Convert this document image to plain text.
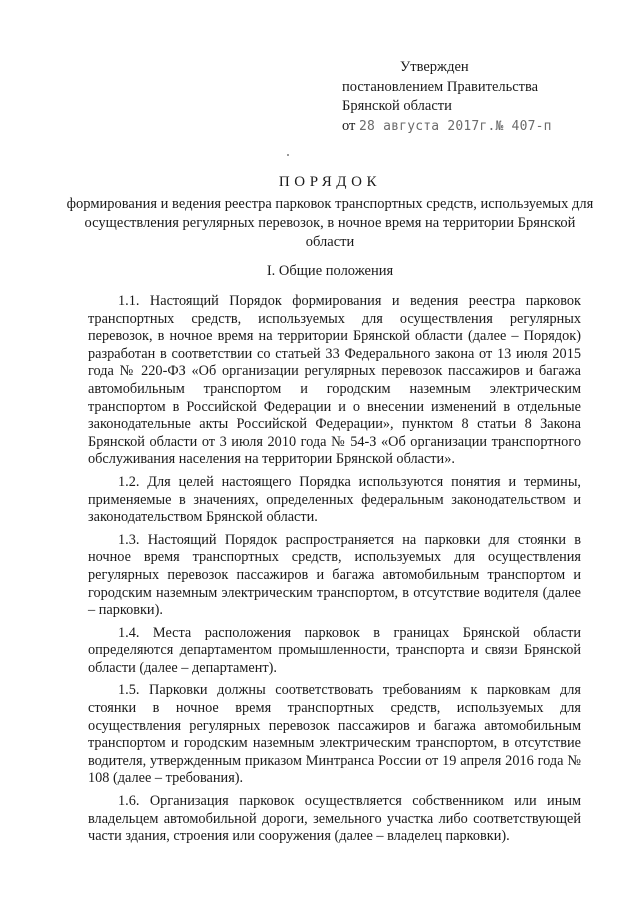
Утвержден
постановлением Правительства
Брянской области
от 28 августа 2017г.№ 407-п
ПОРЯДОК
формирования и ведения реестра парковок транспортных средств, используемых для осуществления регулярных перевозок, в ночное время на территории Брянской области
I. Общие положения

1.1. Настоящий Порядок формирования и ведения реестра парковок транспортных средств, используемых для осуществления регулярных перевозок, в ночное время на территории Брянской области (далее – Порядок) разработан в соответствии со статьей 33 Федерального закона от 13 июля 2015 года № 220-ФЗ «Об организации регулярных перевозок пассажиров и багажа автомобильным транспортом и городским наземным электрическим транспортом в Российской Федерации и о внесении изменений в отдельные законодательные акты Российской Федерации», пунктом 8 статьи 8 Закона Брянской области от 3 июля 2010 года № 54-З «Об организации транспортного обслуживания населения на территории Брянской области».

1.2. Для целей настоящего Порядка используются понятия и термины, применяемые в значениях, определенных федеральным законодательством и законодательством Брянской области.

1.3. Настоящий Порядок распространяется на парковки для стоянки в ночное время транспортных средств, используемых для осуществления регулярных перевозок пассажиров и багажа автомобильным транспортом и городским наземным электрическим транспортом, в отсутствие водителя (далее – парковки).

1.4. Места расположения парковок в границах Брянской области определяются департаментом промышленности, транспорта и связи Брянской области (далее – департамент).

1.5. Парковки должны соответствовать требованиям к парковкам для стоянки в ночное время транспортных средств, используемых для осуществления регулярных перевозок пассажиров и багажа автомобильным транспортом и городским наземным электрическим транспортом, в отсутствие водителя, утвержденным приказом Минтранса России от 19 апреля 2016 года № 108 (далее – требования).

1.6. Организация парковок осуществляется собственником или иным владельцем автомобильной дороги, земельного участка либо соответствующей части здания, строения или сооружения (далее – владелец парковки).
